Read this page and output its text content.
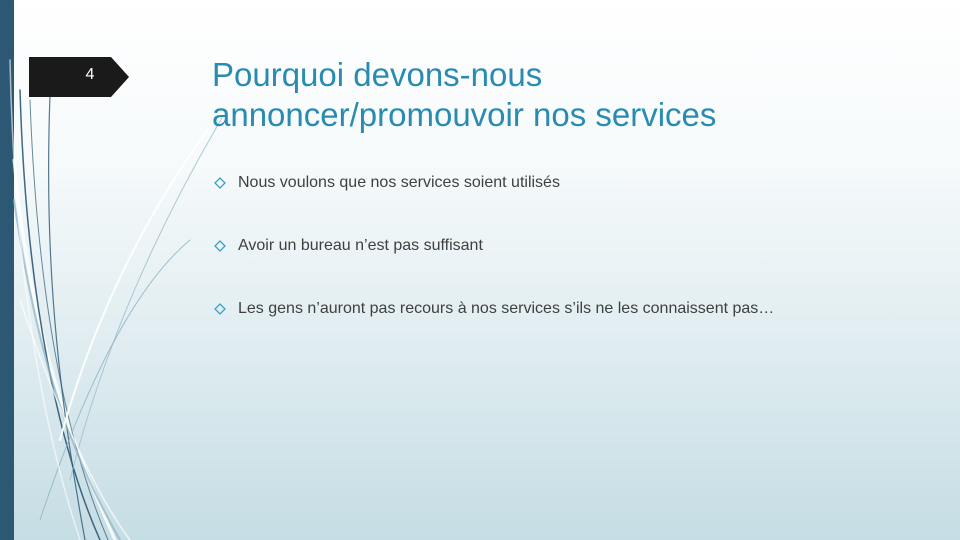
4	Pourquoi devons-nous
annoncer/promouvoir nos services
Nous voulons que nos services soient utilisés
Avoir un bureau n’est pas suffisant
Les gens n’auront pas recours à nos services s’ils ne les connaissent pas…
